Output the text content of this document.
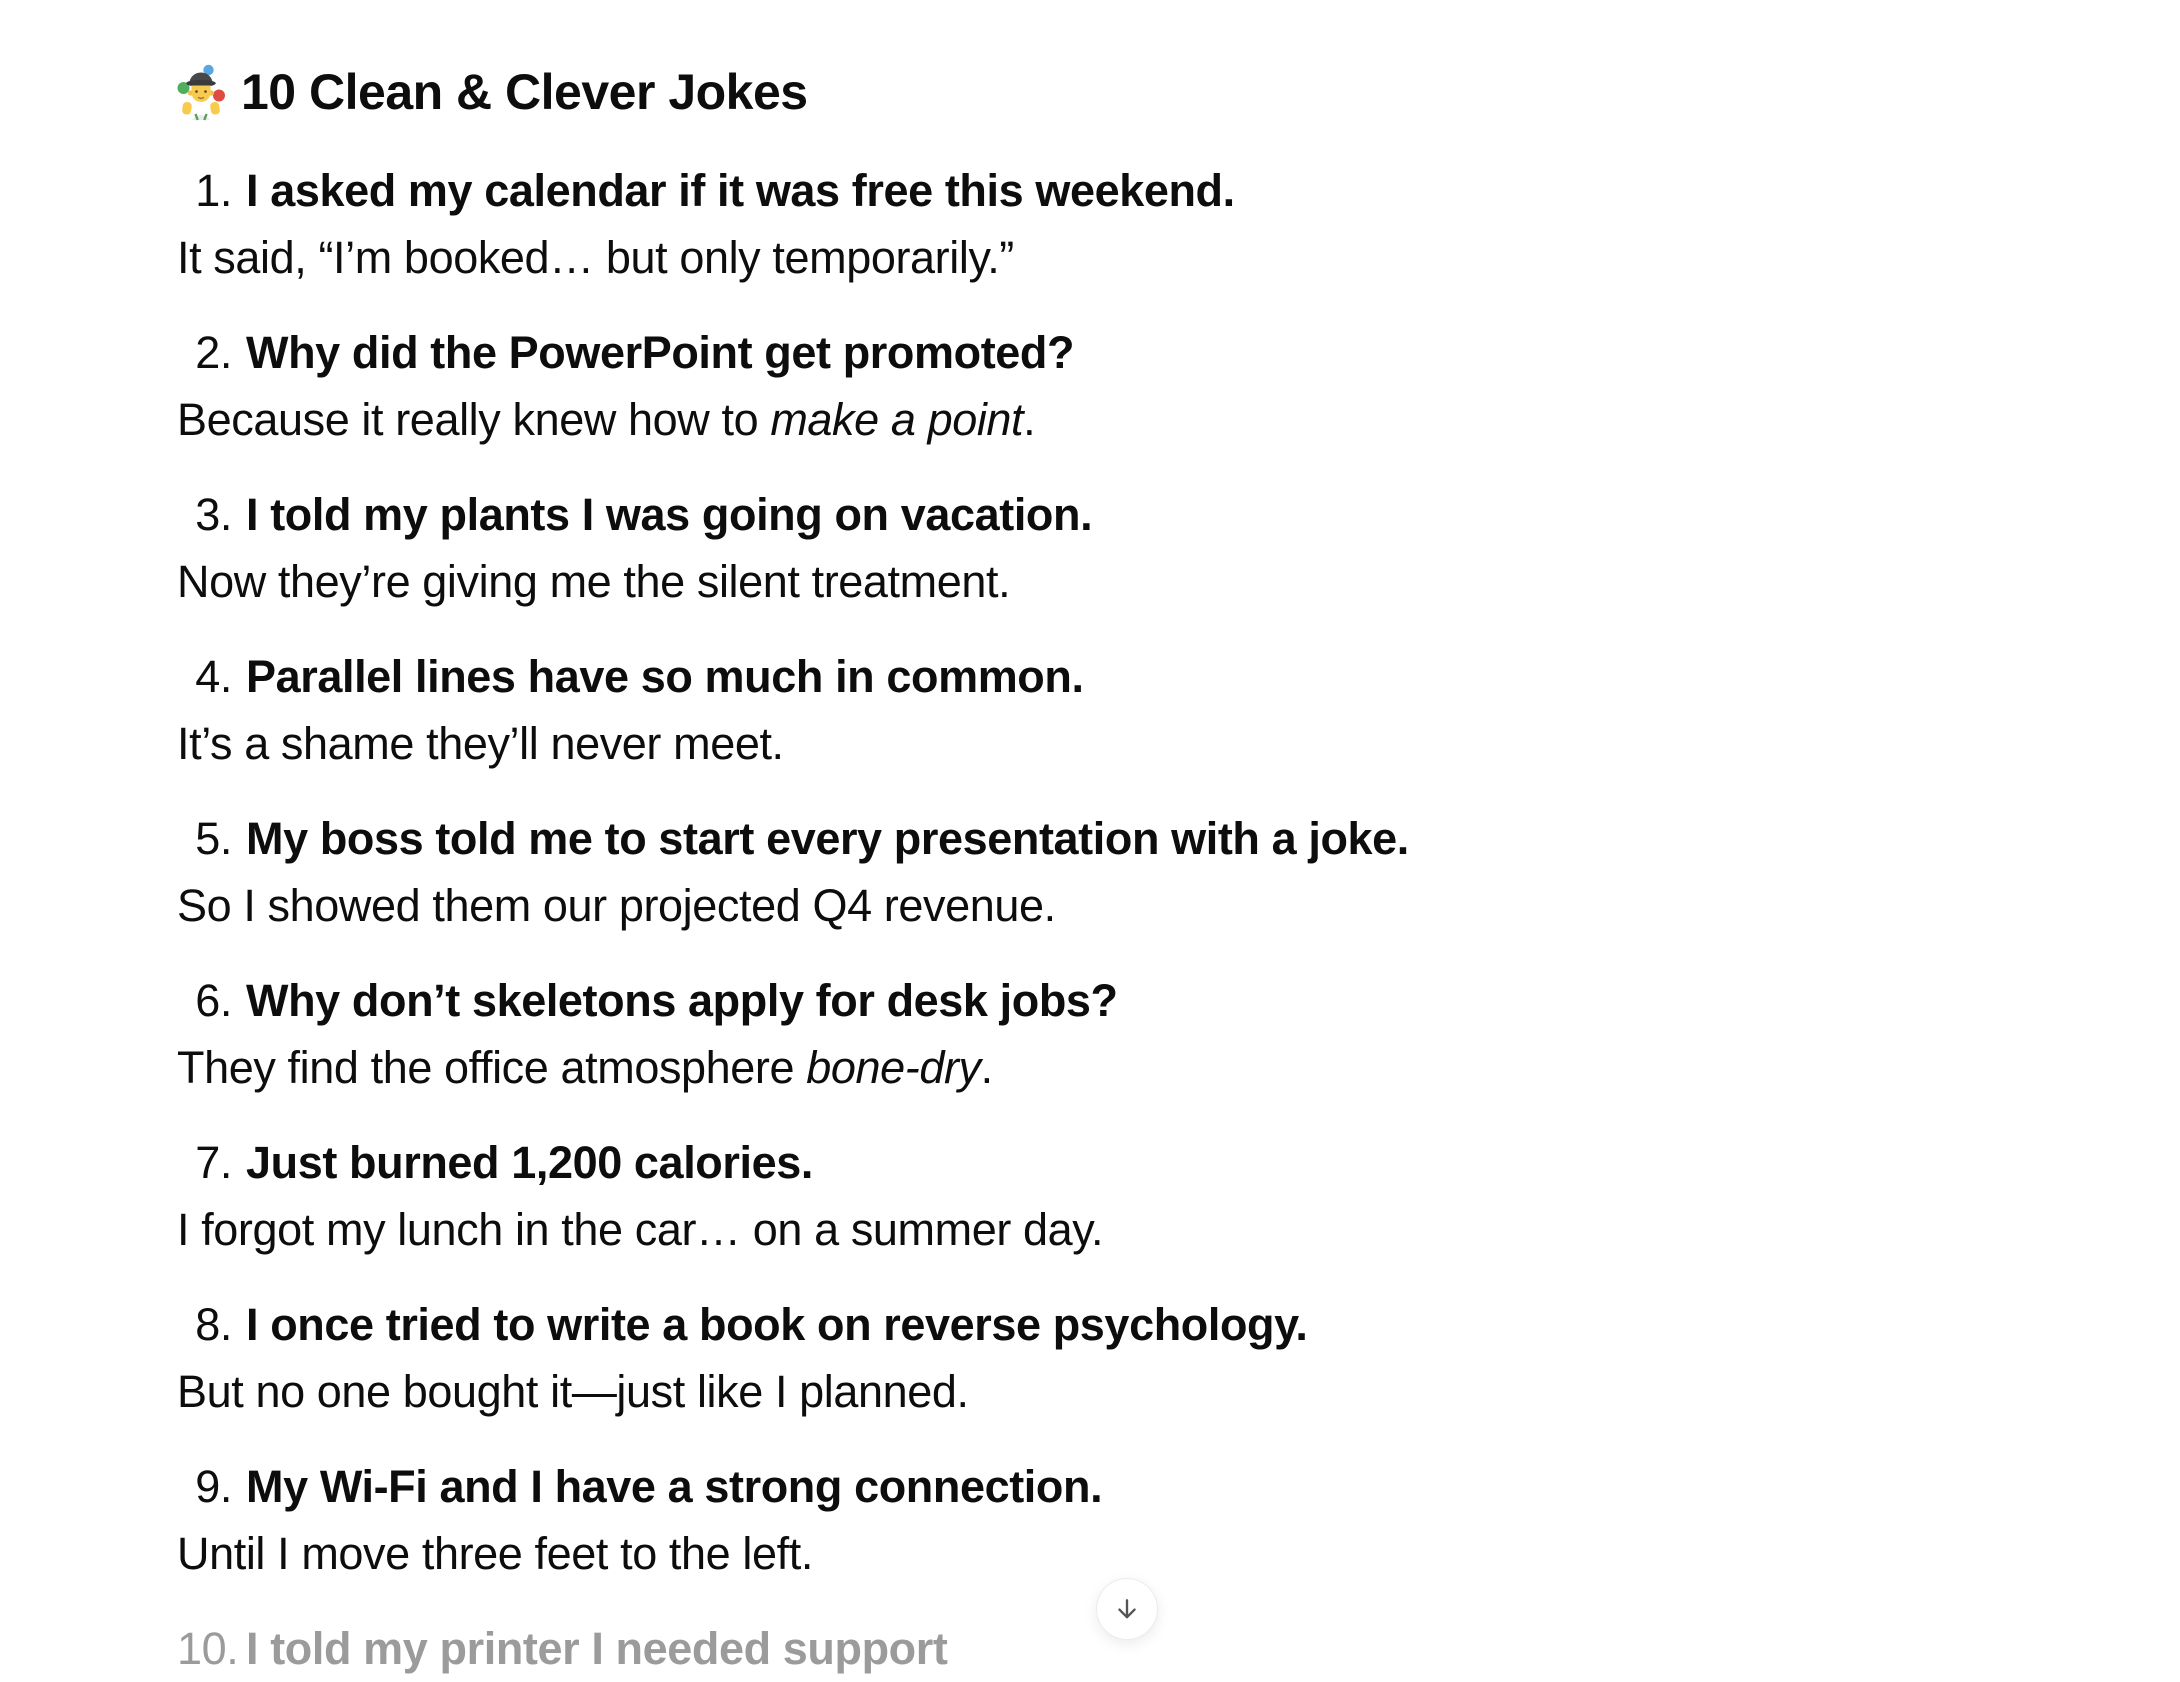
10 Clean & Clever Jokes
1. I asked my calendar if it was free this weekend.

It said, “I’m booked… but only temporarily.”

2. Why did the PowerPoint get promoted?

Because it really knew how to make a point.

3. I told my plants I was going on vacation.

Now they’re giving me the silent treatment.

4. Parallel lines have so much in common.

It’s a shame they’ll never meet.

5. My boss told me to start every presentation with a joke.

So I showed them our projected Q4 revenue.

6. Why don’t skeletons apply for desk jobs?

They find the office atmosphere bone-dry.

7. Just burned 1,200 calories.

I forgot my lunch in the car… on a summer day.

8. I once tried to write a book on reverse psychology.

But no one bought it—just like I planned.

9. My Wi-Fi and I have a strong connection.

Until I move three feet to the left.

10. I told my printer I needed support
